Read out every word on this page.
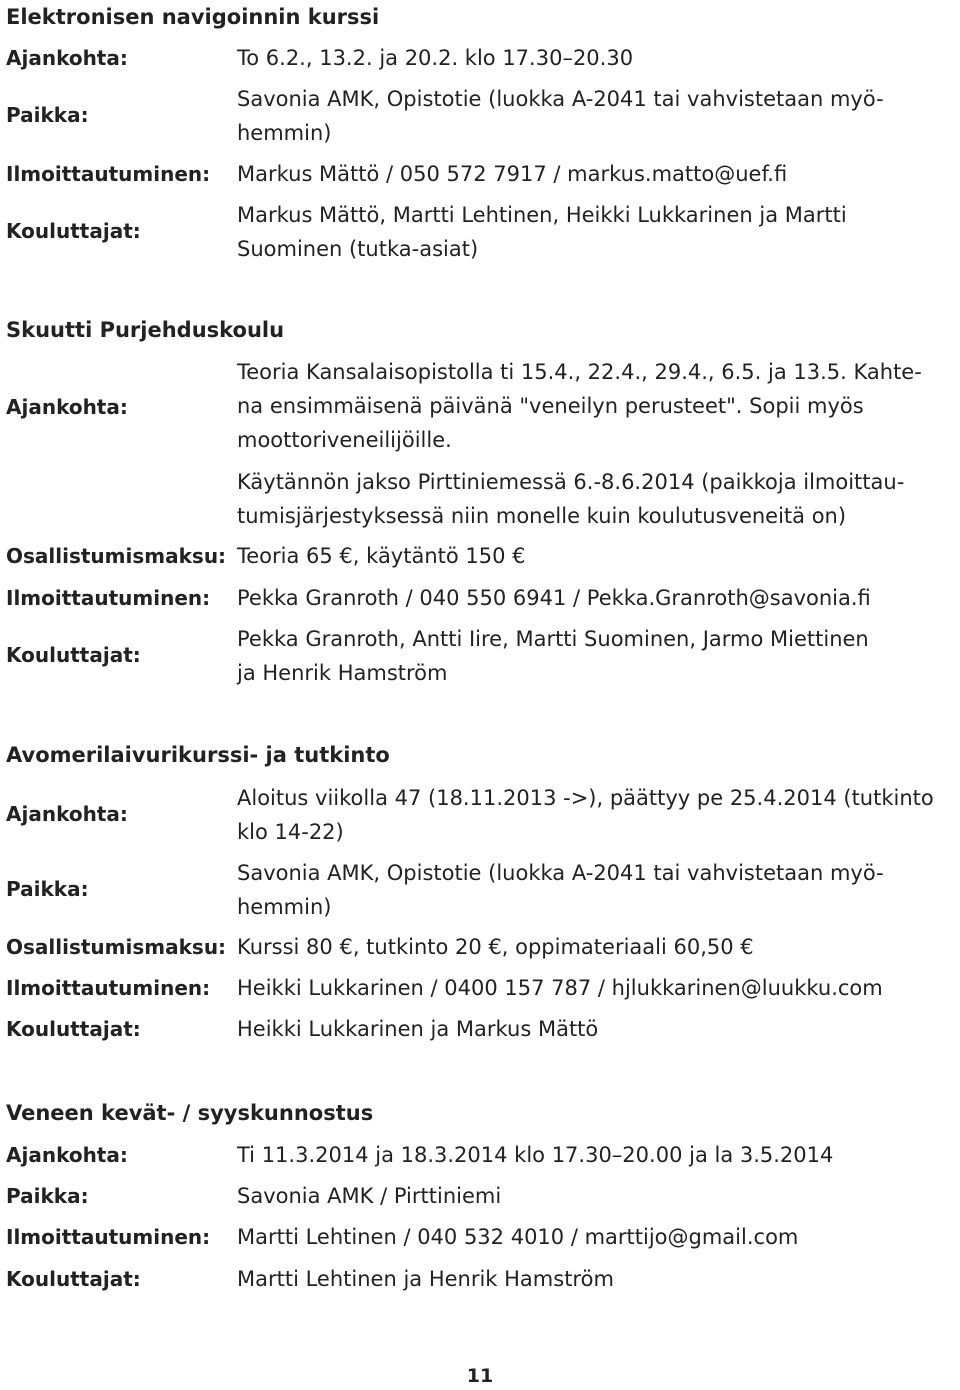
Elektronisen navigoinnin kurssi
Ajankohta:	To 6.2., 13.2. ja 20.2. klo 17.30–20.30
Paikka:
Savonia AMK, Opistotie (luokka A-2041 tai vahvistetaan myö-
hemmin)
Ilmoittautuminen: Markus Mättö / 050 572 7917 / markus.matto@uef.fi
Kouluttajat:
Markus Mättö, Martti Lehtinen, Heikki Lukkarinen ja Martti
Suominen (tutka-asiat)
Skuutti Purjehduskoulu
Ajankohta:
Teoria Kansalaisopistolla ti 15.4., 22.4., 29.4., 6.5. ja 13.5. Kahte-
na ensimmäisenä päivänä "veneilyn perusteet". Sopii myös
moottoriveneilijöille.
Käytännön jakso Pirttiniemessä 6.-8.6.2014 (paikkoja ilmoittau-
tumisjärjestyksessä niin monelle kuin koulutusveneitä on)
Osallistumismaksu: Teoria 65 €, käytäntö 150 €
Ilmoittautuminen: Pekka Granroth / 040 550 6941 / Pekka.Granroth@savonia.fi
Kouluttajat:
Pekka Granroth, Antti Iire, Martti Suominen, Jarmo Miettinen
ja Henrik Hamström
Avomerilaivurikurssi- ja tutkinto
Ajankohta:
Aloitus viikolla 47 (18.11.2013 ->), päättyy pe 25.4.2014 (tutkinto
klo 14-22)
Paikka:
Savonia AMK, Opistotie (luokka A-2041 tai vahvistetaan myö-
hemmin)
Osallistumismaksu: Kurssi 80 €, tutkinto 20 €, oppimateriaali 60,50 €
Ilmoittautuminen: Heikki Lukkarinen / 0400 157 787 / hjlukkarinen@luukku.com
Kouluttajat:	Heikki Lukkarinen ja Markus Mättö
Veneen kevät- / syyskunnostus
Ajankohta:	Ti 11.3.2014 ja 18.3.2014 klo 17.30–20.00 ja la 3.5.2014
Paikka:	Savonia AMK / Pirttiniemi
Ilmoittautuminen: Martti Lehtinen / 040 532 4010 / marttijo@gmail.com
Kouluttajat:	Martti Lehtinen ja Henrik Hamström
11
